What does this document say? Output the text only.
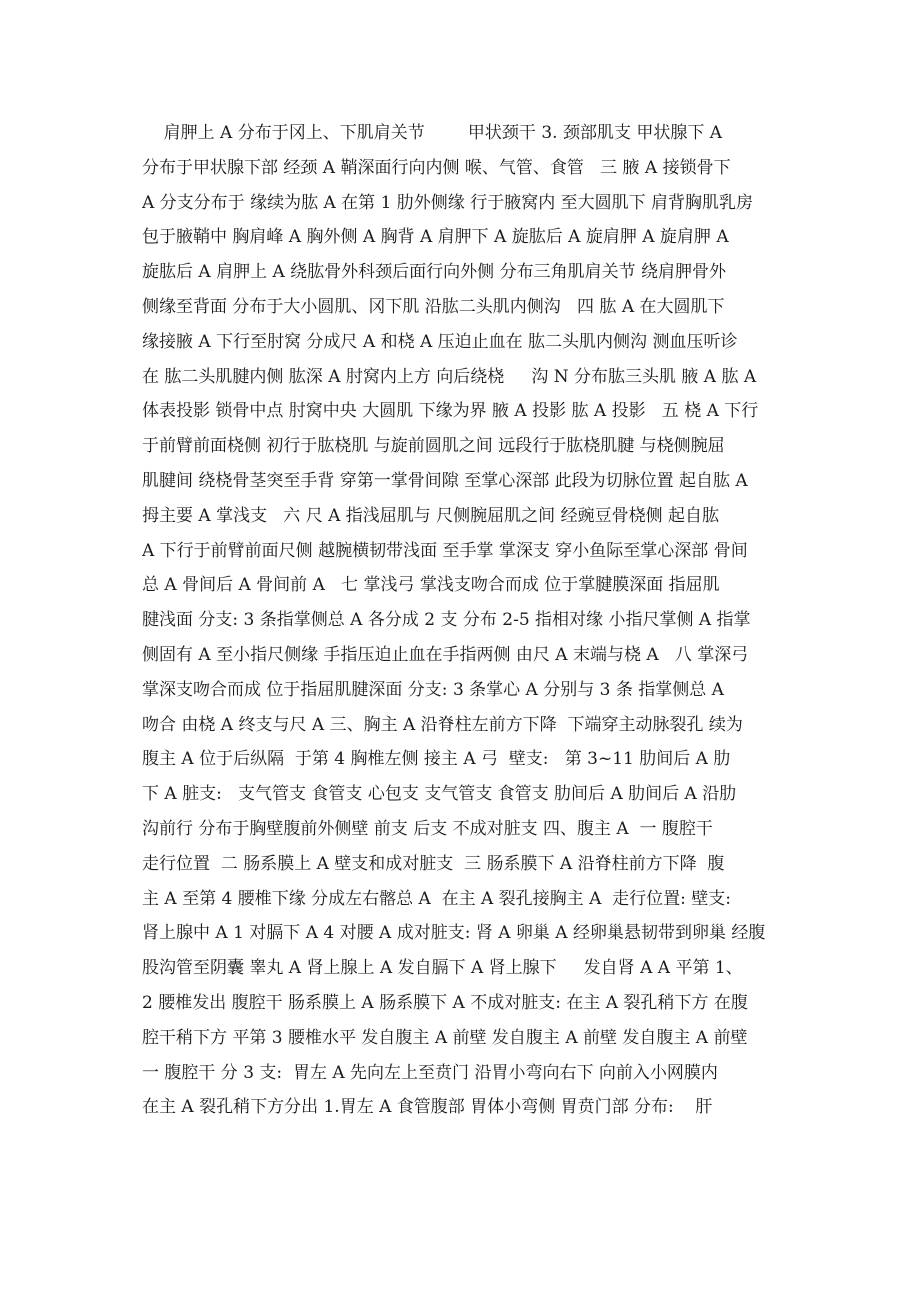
肩胛上 A 分布于冈上、下肌肩关节        甲状颈干 3. 颈部肌支 甲状腺下 A
分布于甲状腺下部 经颈 A 鞘深面行向内侧 喉、气管、食管   三 腋 A 接锁骨下
A 分支分布于 缘续为肱 A 在第 1 肋外侧缘 行于腋窝内 至大圆肌下 肩背胸肌乳房
包于腋鞘中 胸肩峰 A 胸外侧 A 胸背 A 肩胛下 A 旋肱后 A 旋肩胛 A 旋肩胛 A
旋肱后 A 肩胛上 A 绕肱骨外科颈后面行向外侧 分布三角肌肩关节 绕肩胛骨外
侧缘至背面 分布于大小圆肌、冈下肌 沿肱二头肌内侧沟   四 肱 A 在大圆肌下
缘接腋 A 下行至肘窝 分成尺 A 和桡 A 压迫止血在 肱二头肌内侧沟 测血压听诊
在 肱二头肌腱内侧 肱深 A 肘窝内上方 向后绕桡     沟 N 分布肱三头肌 腋 A 肱 A
体表投影 锁骨中点 肘窝中央 大圆肌 下缘为界 腋 A 投影 肱 A 投影   五 桡 A 下行
于前臂前面桡侧 初行于肱桡肌 与旋前圆肌之间 远段行于肱桡肌腱 与桡侧腕屈
肌腱间 绕桡骨茎突至手背 穿第一掌骨间隙 至掌心深部 此段为切脉位置 起自肱 A
拇主要 A 掌浅支   六 尺 A 指浅屈肌与 尺侧腕屈肌之间 经豌豆骨桡侧 起自肱
A 下行于前臂前面尺侧 越腕横韧带浅面 至手掌 掌深支 穿小鱼际至掌心深部 骨间
总 A 骨间后 A 骨间前 A   七 掌浅弓 掌浅支吻合而成 位于掌腱膜深面 指屈肌
腱浅面 分支: 3 条指掌侧总 A 各分成 2 支 分布 2-5 指相对缘 小指尺掌侧 A 指掌
侧固有 A 至小指尺侧缘 手指压迫止血在手指两侧 由尺 A 末端与桡 A   八 掌深弓
掌深支吻合而成 位于指屈肌腱深面 分支: 3 条掌心 A 分别与 3 条 指掌侧总 A
吻合 由桡 A 终支与尺 A 三、胸主 A 沿脊柱左前方下降  下端穿主动脉裂孔 续为
腹主 A 位于后纵隔  于第 4 胸椎左侧 接主 A 弓  壁支:   第 3~11 肋间后 A 肋
下 A 脏支:   支气管支 食管支 心包支 支气管支 食管支 肋间后 A 肋间后 A 沿肋
沟前行 分布于胸壁腹前外侧壁 前支 后支 不成对脏支 四、腹主 A  一 腹腔干
走行位置  二 肠系膜上 A 壁支和成对脏支  三 肠系膜下 A 沿脊柱前方下降  腹
主 A 至第 4 腰椎下缘 分成左右髂总 A  在主 A 裂孔接胸主 A  走行位置: 壁支:
肾上腺中 A 1 对膈下 A 4 对腰 A 成对脏支: 肾 A 卵巢 A 经卵巢悬韧带到卵巢 经腹
股沟管至阴囊 睾丸 A 肾上腺上 A 发自膈下 A 肾上腺下     发自肾 A A 平第 1、
2 腰椎发出 腹腔干 肠系膜上 A 肠系膜下 A 不成对脏支: 在主 A 裂孔稍下方 在腹
腔干稍下方 平第 3 腰椎水平 发自腹主 A 前壁 发自腹主 A 前壁 发自腹主 A 前壁
一 腹腔干 分 3 支:  胃左 A 先向左上至贲门 沿胃小弯向右下 向前入小网膜内
在主 A 裂孔稍下方分出 1.胃左 A 食管腹部 胃体小弯侧 胃贲门部 分布:    肝
